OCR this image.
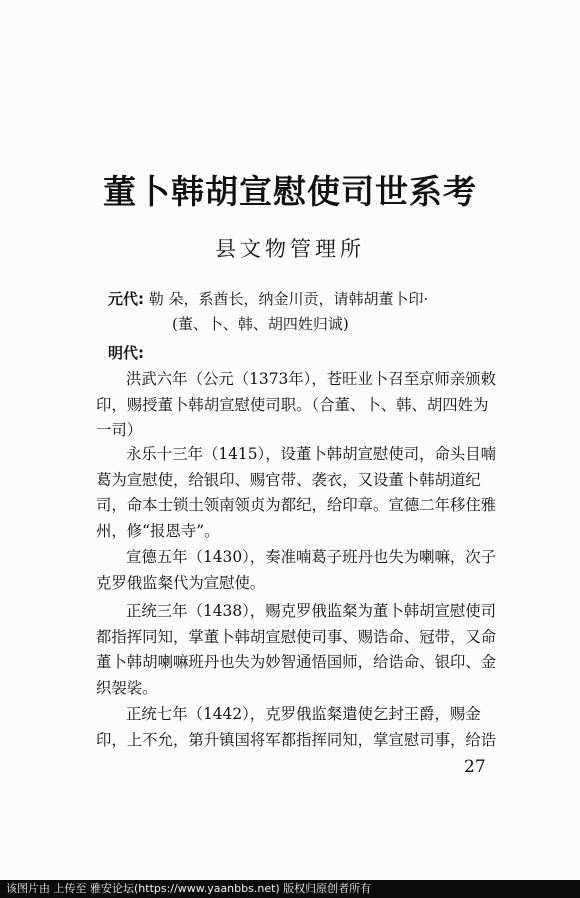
董卜韩胡宣慰使司世系考
县文物管理所
元代: 勒 朵，系酋长，纳金川贡，请韩胡董卜印·
(董、卜、韩、胡四姓归诚)
明代:
洪武六年（公元（1373年），苍旺业卜召至京师亲颁敕
印，赐授董卜韩胡宣慰使司职。（合董、卜、韩、胡四姓为
一司）
永乐十三年（1415），设董卜韩胡宣慰使司，命头目喃
葛为宣慰使，给银印、赐官带、袭衣，又设董卜韩胡道纪
司，命本士锁土领南领贞为都纪，给印章。宣德二年移住雅
州，修“报恩寺”。
宣德五年（1430），奏准喃葛子班丹也失为喇嘛，次子
克罗俄监粲代为宣慰使。
正统三年（1438），赐克罗俄监粲为董卜韩胡宣慰使司
都指挥同知，掌董卜韩胡宣慰使司事、赐诰命、冠带，又命
董卜韩胡喇嘛班丹也失为妙智通悟国师，给诰命、银印、金
织袈裟。
正统七年（1442），克罗俄监粲遣使乞封王爵，赐金
印，上不允，第升镇国将军都指挥同知，掌宣慰司事，给诰
27
该图片由 上传至 雅安论坛(https://www.yaanbbs.net) 版权归原创者所有
